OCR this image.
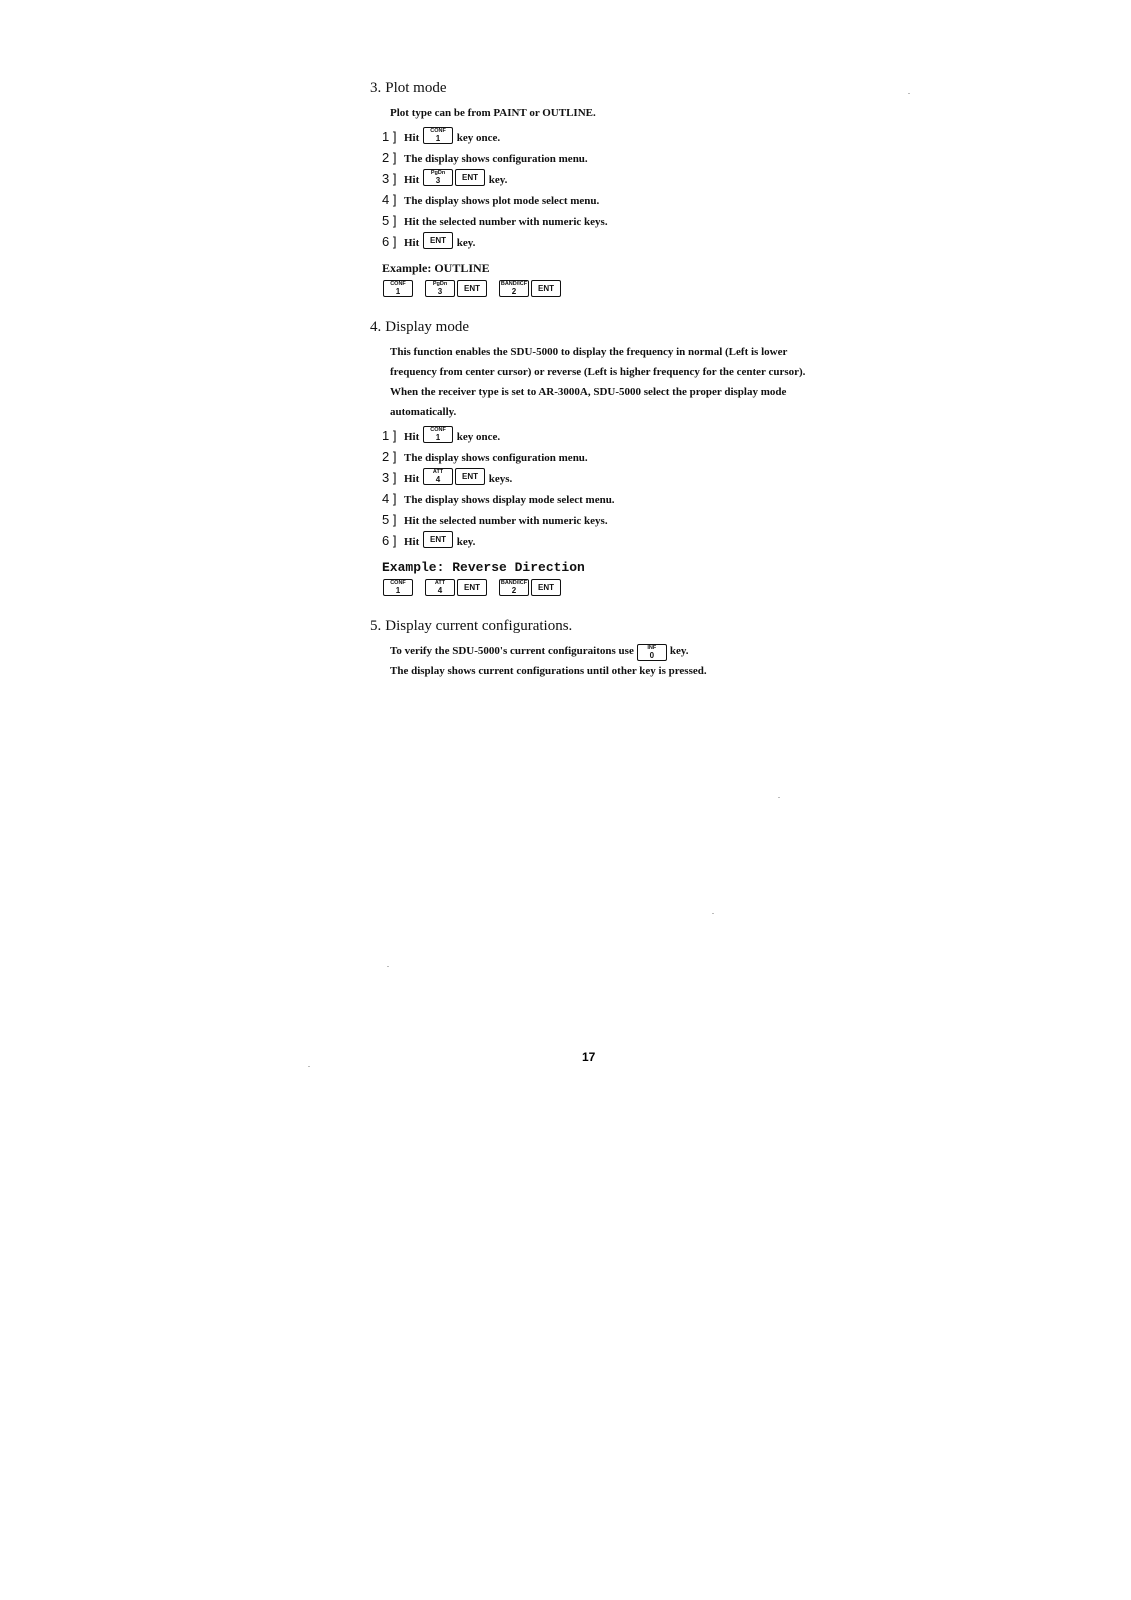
3. Plot mode
Plot type can be from PAINT or OUTLINE.
1 ] Hit
CONF
1	key once.
2 ] The display shows configuration menu.
3 ] Hit
PgDn
3	ENT key.
4 ] The display shows plot mode select menu.
5 ] Hit the selected number with numeric keys.
6 ] Hit	ENT key.
Example: OUTLINE
CONF
1
PgDn
3	ENT	BAND/ICF
2	ENT
4. Display mode
This function enables the SDU-5000 to display the frequency in normal (Left is lower
frequency from center cursor) or reverse (Left is higher frequency for the center cursor).
When the receiver type is set to AR-3000A, SDU-5000 select the proper display mode
automatically.
1 ] Hit
CONF
1	key once.
2 ] The display shows configuration menu.
3 ] Hit
ATT
4	ENT keys.
4 ] The display shows display mode select menu.
5 ] Hit the selected number with numeric keys.
6 ] Hit	ENT key.
Example: Reverse Direction
CONF
1
ATT
4	ENT	BAND/ICF
2	ENT
5. Display current configurations.
To verify the SDU-5000's current configuraitons use	INF
0	key.
The display shows current configurations until other key is pressed.
17
